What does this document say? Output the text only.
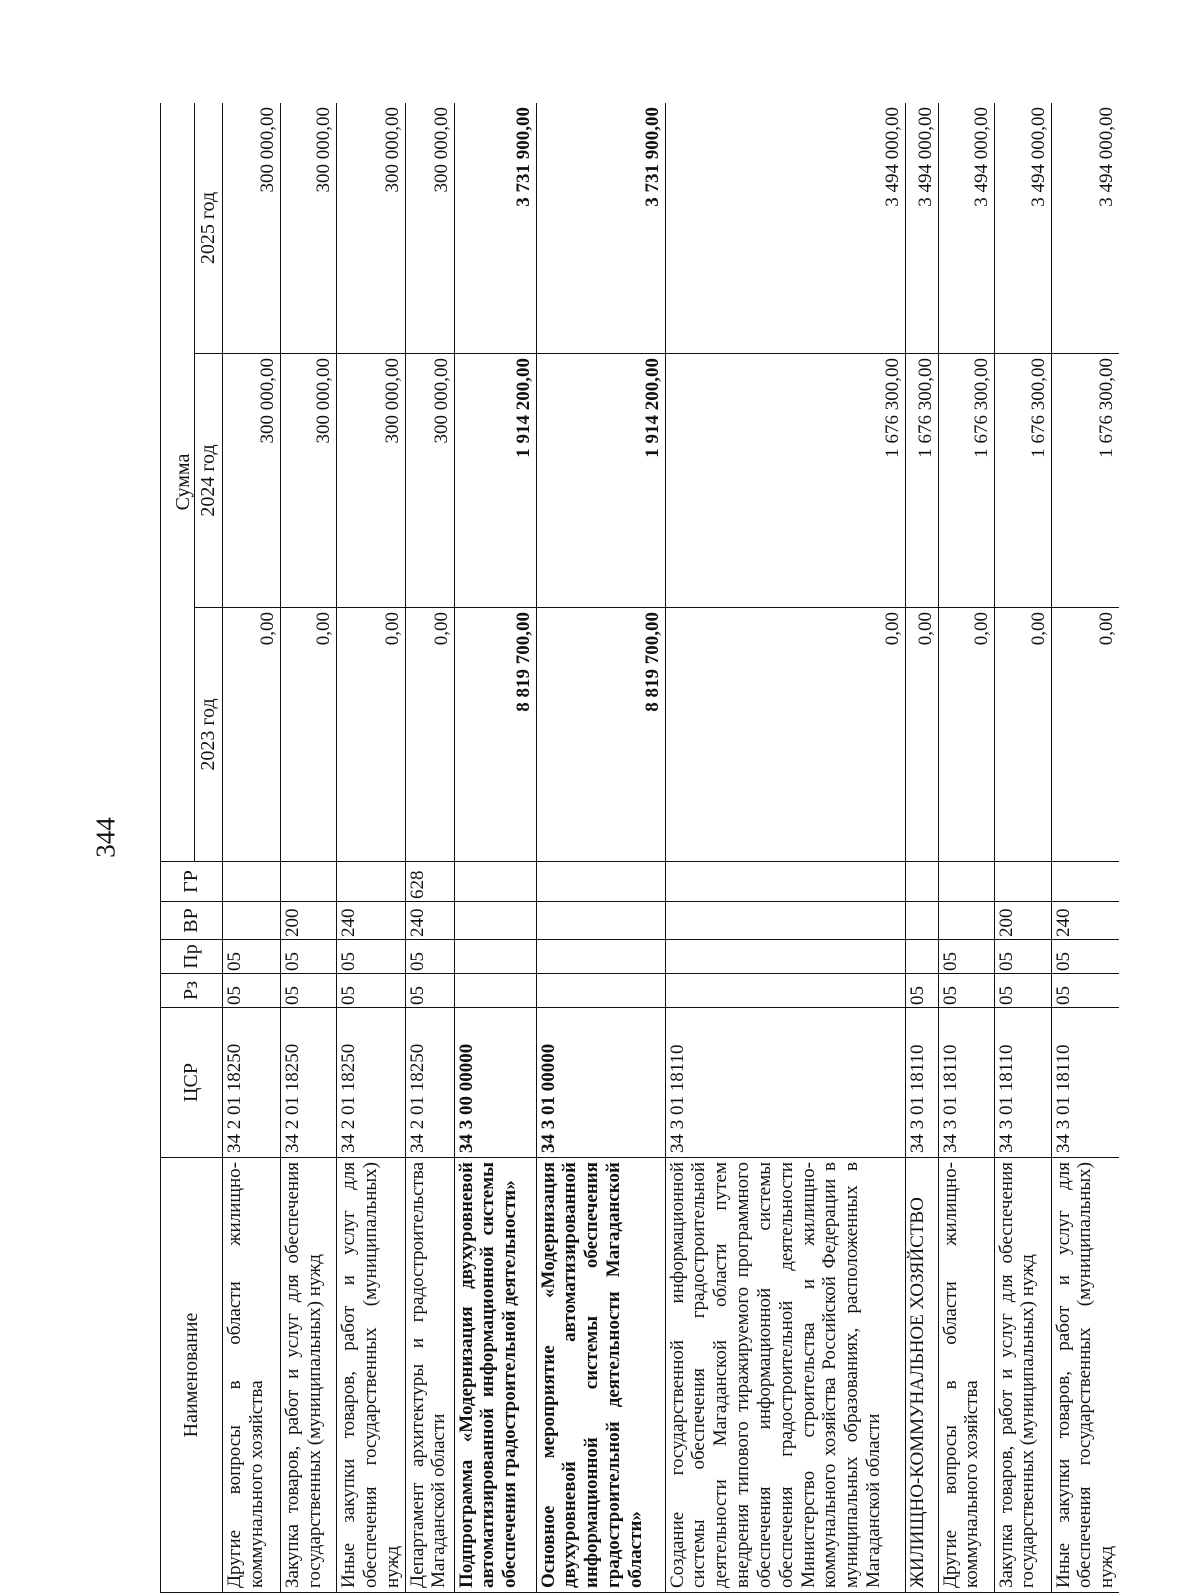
344
Наименование	ЦСР	Рз	Пр	ВР	ГР	Сумма		
						2023 год	2024 год	2025 год
Другие вопросы в области жилищно-коммунального хозяйства	34 2 01 18250	05	05			0,00	300 000,00	300 000,00
Закупка товаров, работ и услуг для обеспечения государственных (муниципальных) нужд	34 2 01 18250	05	05	200		0,00	300 000,00	300 000,00
Иные закупки товаров, работ и услуг для обеспечения государственных (муниципальных) нужд	34 2 01 18250	05	05	240		0,00	300 000,00	300 000,00
Департамент архитектуры и градостроительства Магаданской области	34 2 01 18250	05	05	240	628	0,00	300 000,00	300 000,00
Подпрограмма «Модернизация двухуровневой автоматизированной информационной системы обеспечения градостроительной деятельности»	34 3 00 00000					8 819 700,00	1 914 200,00	3 731 900,00
Основное мероприятие «Модернизация двухуровневой автоматизированной информационной системы обеспечения градостроительной деятельности Магаданской области»	34 3 01 00000					8 819 700,00	1 914 200,00	3 731 900,00
Создание государственной информационной системы обеспечения градостроительной деятельности Магаданской области путем внедрения типового тиражируемого программного обеспечения информационной системы обеспечения градостроительной деятельности Министерство строительства и жилищно-коммунального хозяйства Российской Федерации в муниципальных образованиях, расположенных в Магаданской области	34 3 01 18110					0,00	1 676 300,00	3 494 000,00
ЖИЛИЩНО-КОММУНАЛЬНОЕ ХОЗЯЙСТВО	34 3 01 18110	05				0,00	1 676 300,00	3 494 000,00
Другие вопросы в области жилищно-коммунального хозяйства	34 3 01 18110	05	05			0,00	1 676 300,00	3 494 000,00
Закупка товаров, работ и услуг для обеспечения государственных (муниципальных) нужд	34 3 01 18110	05	05	200		0,00	1 676 300,00	3 494 000,00
Иные закупки товаров, работ и услуг для обеспечения государственных (муниципальных) нужд	34 3 01 18110	05	05	240		0,00	1 676 300,00	3 494 000,00
